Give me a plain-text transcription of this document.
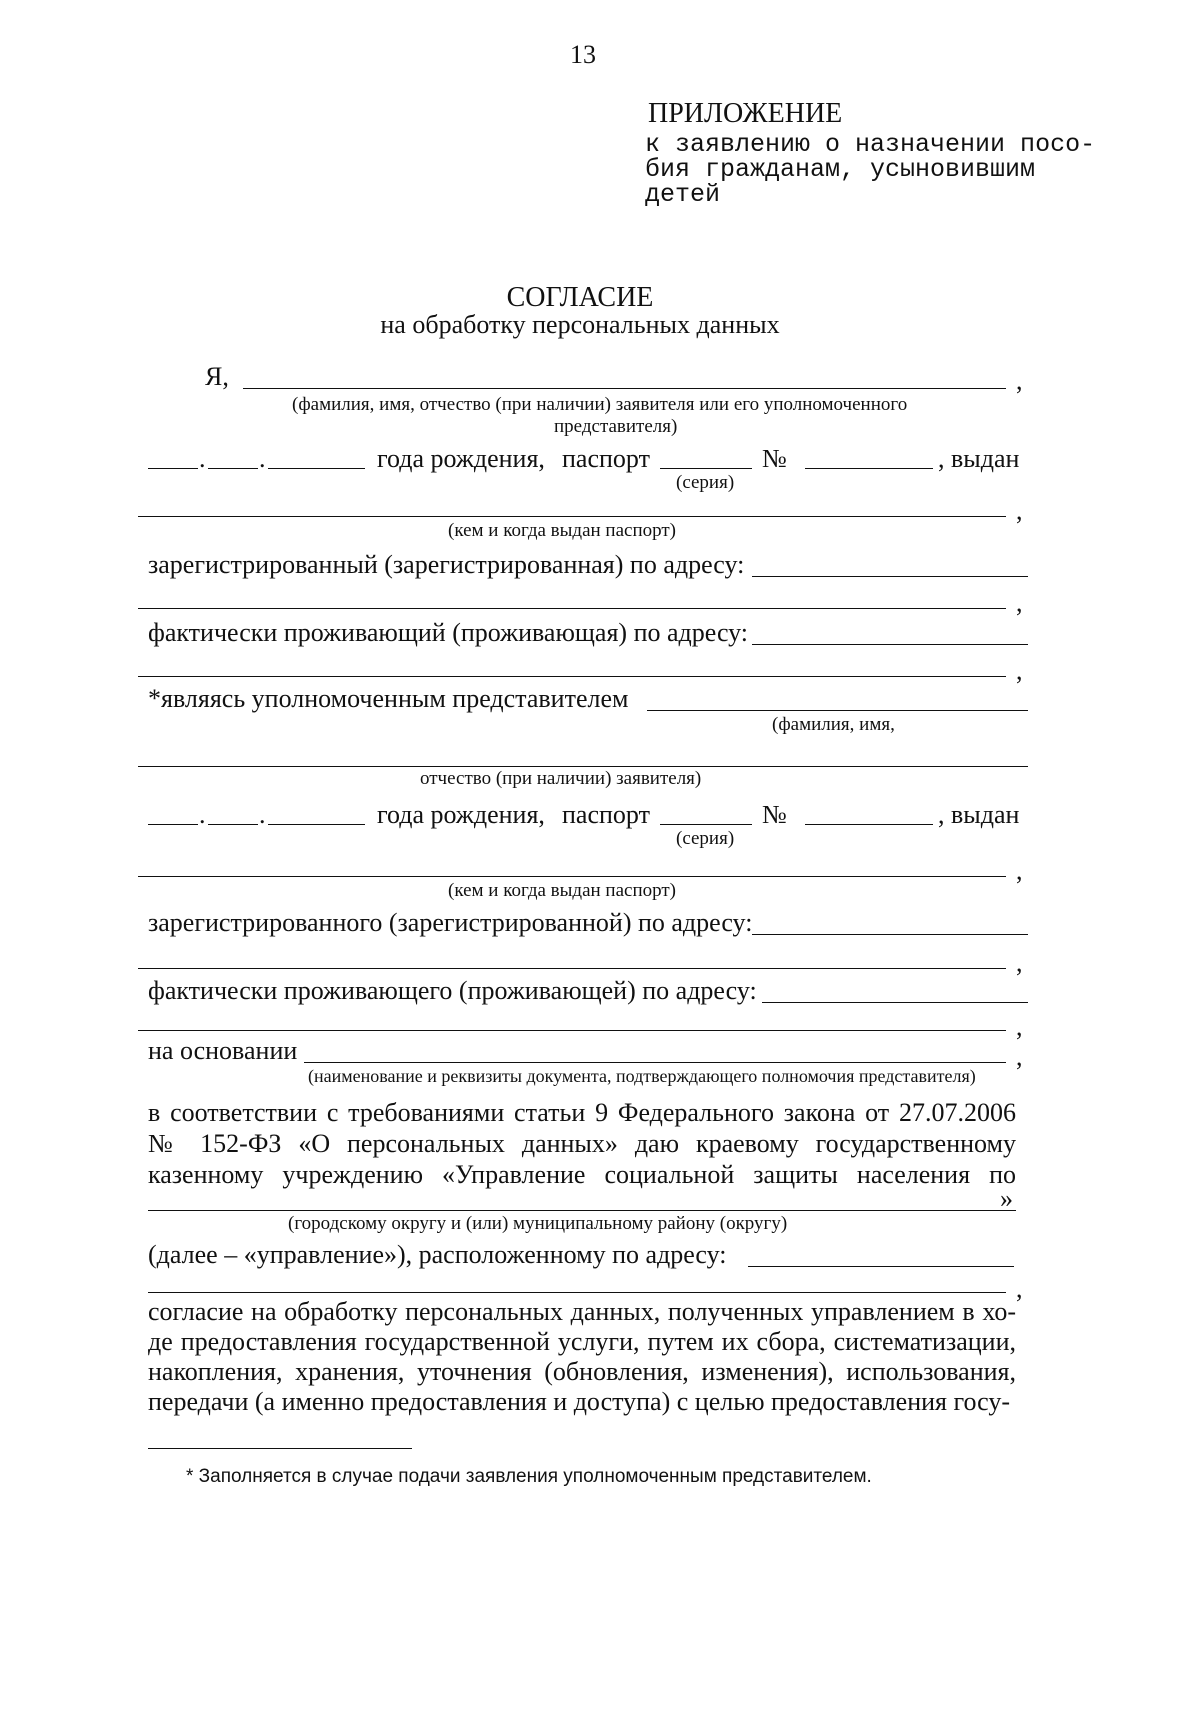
13
ПРИЛОЖЕНИЕ
к заявлению о назначении посо-
бия гражданам, усыновившим
детей
СОГЛАСИЕ
на обработку персональных данных
Я,	,
(фамилия, имя, отчество (при наличии) заявителя или его уполномоченного
представителя)
. .	года рождения, паспорт	№	, выдан
(серия)
,
(кем и когда выдан паспорт)
зарегистрированный (зарегистрированная) по адресу:
,
фактически проживающий (проживающая) по адресу:
,
*являясь уполномоченным представителем
(фамилия, имя,
отчество (при наличии) заявителя)
. .	года рождения, паспорт	№	, выдан
(серия)
,
(кем и когда выдан паспорт)
зарегистрированного (зарегистрированной) по адресу:
,
фактически проживающего (проживающей) по адресу:
,
на основании	,
(наименование и реквизиты документа, подтверждающего полномочия представителя)
в соответствии с требованиями статьи 9 Федерального закона от 27.07.2006 № 152-ФЗ «О персональных данных» даю краевому государственному казенному учреждению «Управление социальной защиты населения по
»
(городскому округу и (или) муниципальному району (округу)
(далее – «управление»), расположенному по адресу:
,
согласие на обработку персональных данных, полученных управлением в хо- де предоставления государственной услуги, путем их сбора, систематизации, накопления, хранения, уточнения (обновления, изменения), использования, передачи (а именно предоставления и доступа) с целью предоставления госу-
* Заполняется в случае подачи заявления уполномоченным представителем.
